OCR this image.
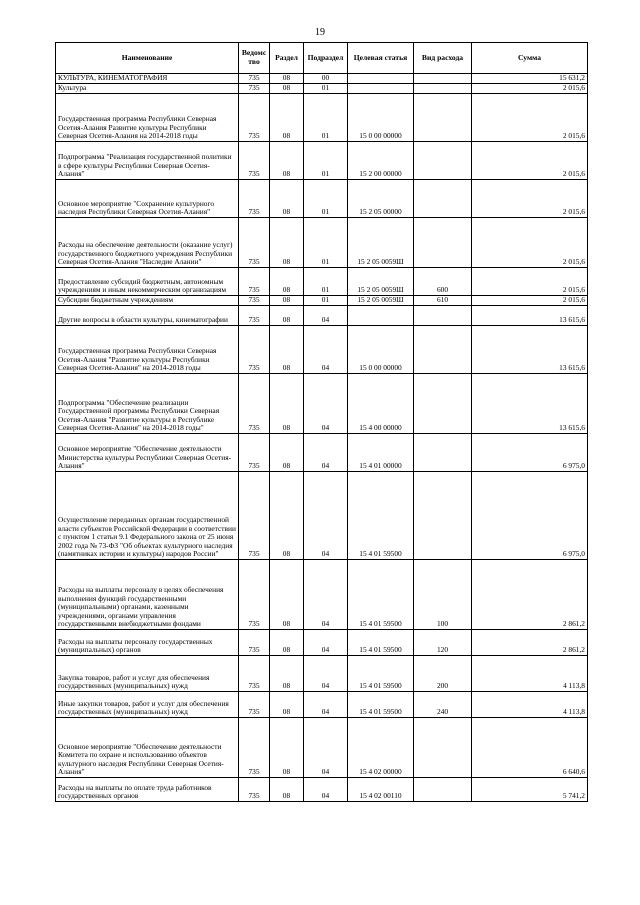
19
Наименование	Ведомс тво	Раздел	Подраздел	Целевая статья	Вид расхода	Сумма
КУЛЬТУРА, КИНЕМАТОГРАФИЯ	735	08	00			15 631,2
Культура	735	08	01			2 015,6
Государственная программа Республики Северная Осетия-Алания Развитие культуры Республики Северная Осетия-Алания на 2014-2018 годы	735	08	01	15 0 00 00000		2 015,6
Подпрограмма "Реализация государственной политики в сфере культуры Республики Северная Осетия-Алания"	735	08	01	15 2 00 00000		2 015,6
Основное мероприятие "Сохранение культурного наследия Республики Северная Осетия-Алания"	735	08	01	15 2 05 00000		2 015,6
Расходы на обеспечение деятельности (оказание услуг) государственного бюджетного учреждения Республики Северная Осетия-Алания "Наследие Алании"	735	08	01	15 2 05 0059Ш		2 015,6
Предоставление субсидий бюджетным, автономным учреждениям и иным некоммерческим организациям	735	08	01	15 2 05 0059Ш	600	2 015,6
Субсидии бюджетным учреждениям	735	08	01	15 2 05 0059Ш	610	2 015,6
Другие вопросы в области культуры, кинематографии	735	08	04			13 615,6
Государственная программа Республики Северная Осетия-Алания "Развитие культуры Республики Северная Осетия-Алания" на 2014-2018 годы	735	08	04	15 0 00 00000		13 615,6
Подпрограмма "Обеспечение реализации Государственной программы Республики Северная Осетия-Алания "Развитие культуры в Республике Северная Осетия-Алания" на 2014-2018 годы"	735	08	04	15 4 00 00000		13 615,6
Основное мероприятие "Обеспечение деятельности Министерства культуры Республики Северная Осетия-Алания"	735	08	04	15 4 01 00000		6 975,0
Осуществление переданных органам государственной власти субъектов Российской Федерации в соответствии с пунктом 1 статьи 9.1 Федерального закона от 25 июня 2002 года № 73-ФЗ "Об объектах культурного наследия (памятниках истории и культуры) народов России"	735	08	04	15 4 01 59500		6 975,0
Расходы на выплаты персоналу в целях обеспечения выполнения функций государственными (муниципальными) органами, казенными учреждениями, органами управления государственными внебюджетными фондами	735	08	04	15 4 01 59500	100	2 861,2
Расходы на выплаты персоналу государственных (муниципальных) органов	735	08	04	15 4 01 59500	120	2 861,2
Закупка товаров, работ и услуг для обеспечения государственных (муниципальных) нужд	735	08	04	15 4 01 59500	200	4 113,8
Иные закупки товаров, работ и услуг для обеспечения государственных (муниципальных) нужд	735	08	04	15 4 01 59500	240	4 113,8
Основное мероприятие "Обеспечение деятельности Комитета по охране и использованию объектов культурного наследия Республики Северная Осетия-Алания"	735	08	04	15 4 02 00000		6 640,6
Расходы на выплаты по оплате труда работников государственных органов	735	08	04	15 4 02 00110		5 741,2
